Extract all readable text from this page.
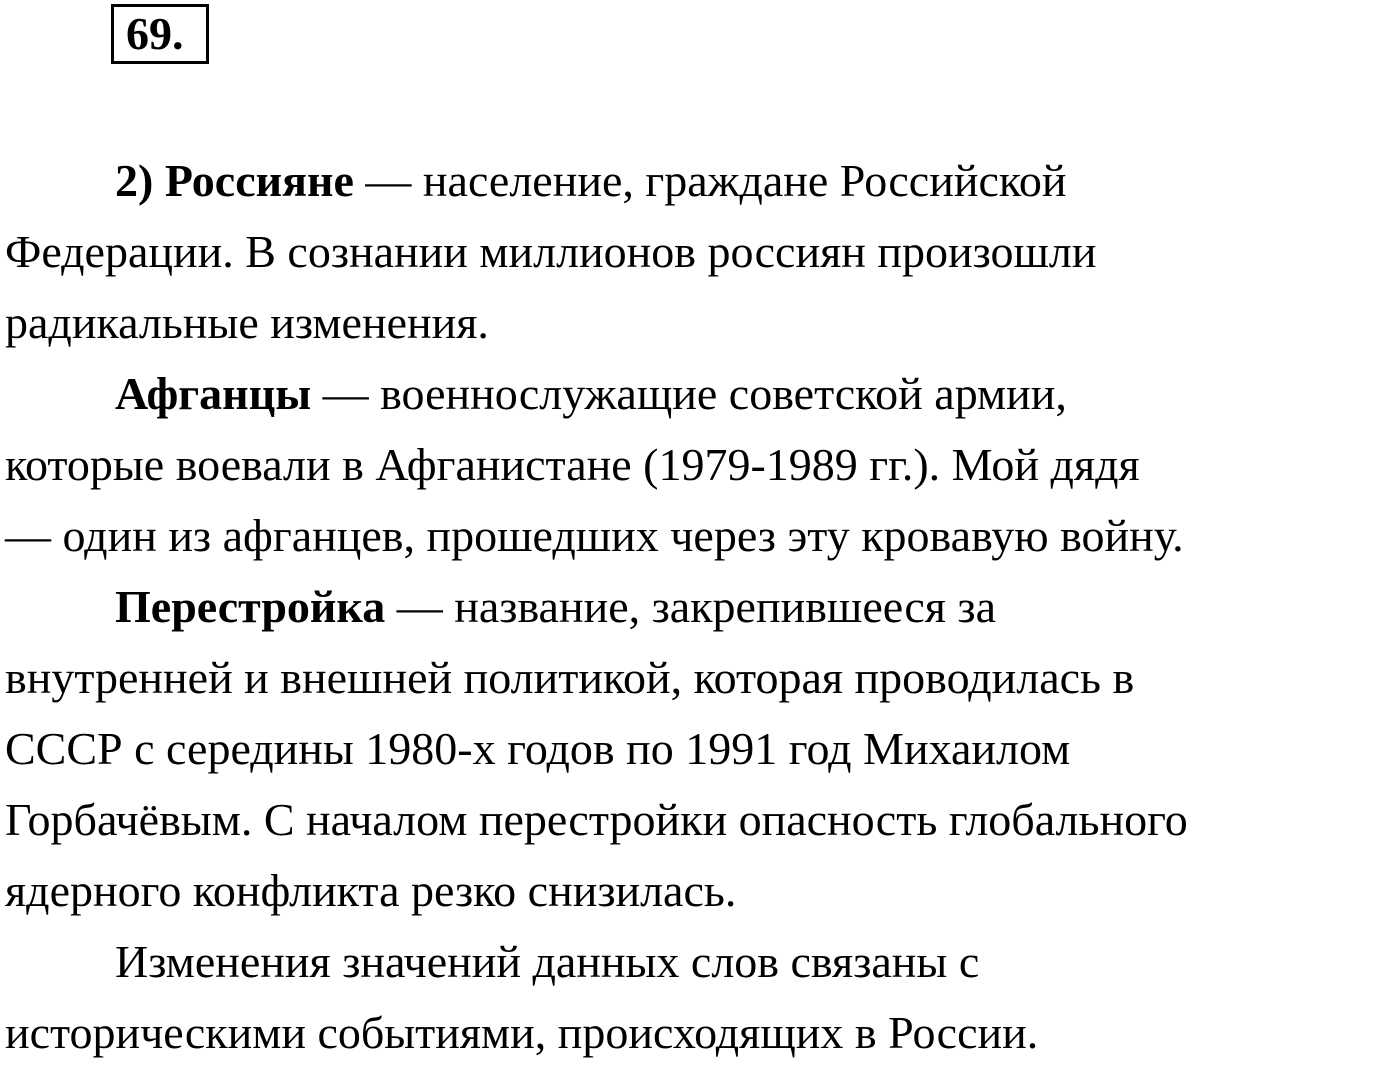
69.
2) Россияне — население, граждане Российской
Федерации. В сознании миллионов россиян произошли
радикальные изменения.
Афганцы — военнослужащие советской армии,
которые воевали в Афганистане (1979-1989 гг.). Мой дядя
— один из афганцев, прошедших через эту кровавую войну.
Перестройка — название, закрепившееся за
внутренней и внешней политикой, которая проводилась в
СССР с середины 1980-х годов по 1991 год Михаилом
Горбачёвым. С началом перестройки опасность глобального
ядерного конфликта резко снизилась.
Изменения значений данных слов связаны с
историческими событиями, происходящих в России.
